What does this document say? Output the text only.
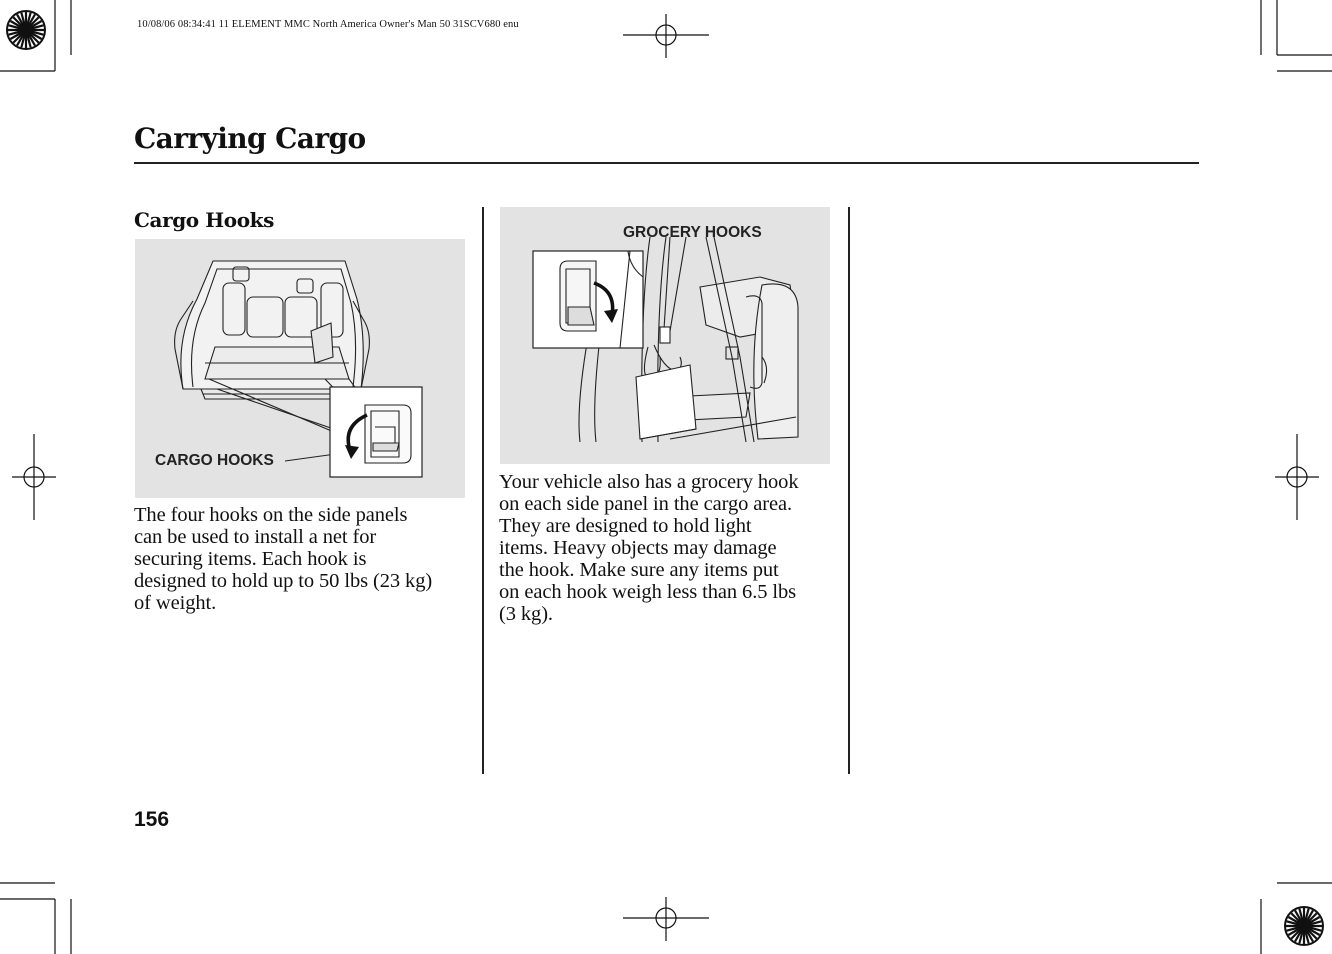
10/08/06 08:34:41 11 ELEMENT MMC North America Owner's Man 50 31SCV680 enu
Carrying Cargo
Cargo Hooks
CARGO HOOKS
The four hooks on the side panels
can be used to install a net for
securing items. Each hook is
designed to hold up to 50 lbs (23 kg)
of weight.
GROCERY HOOKS
Your vehicle also has a grocery hook
on each side panel in the cargo area.
They are designed to hold light
items. Heavy objects may damage
the hook. Make sure any items put
on each hook weigh less than 6.5 lbs
(3 kg).
156
